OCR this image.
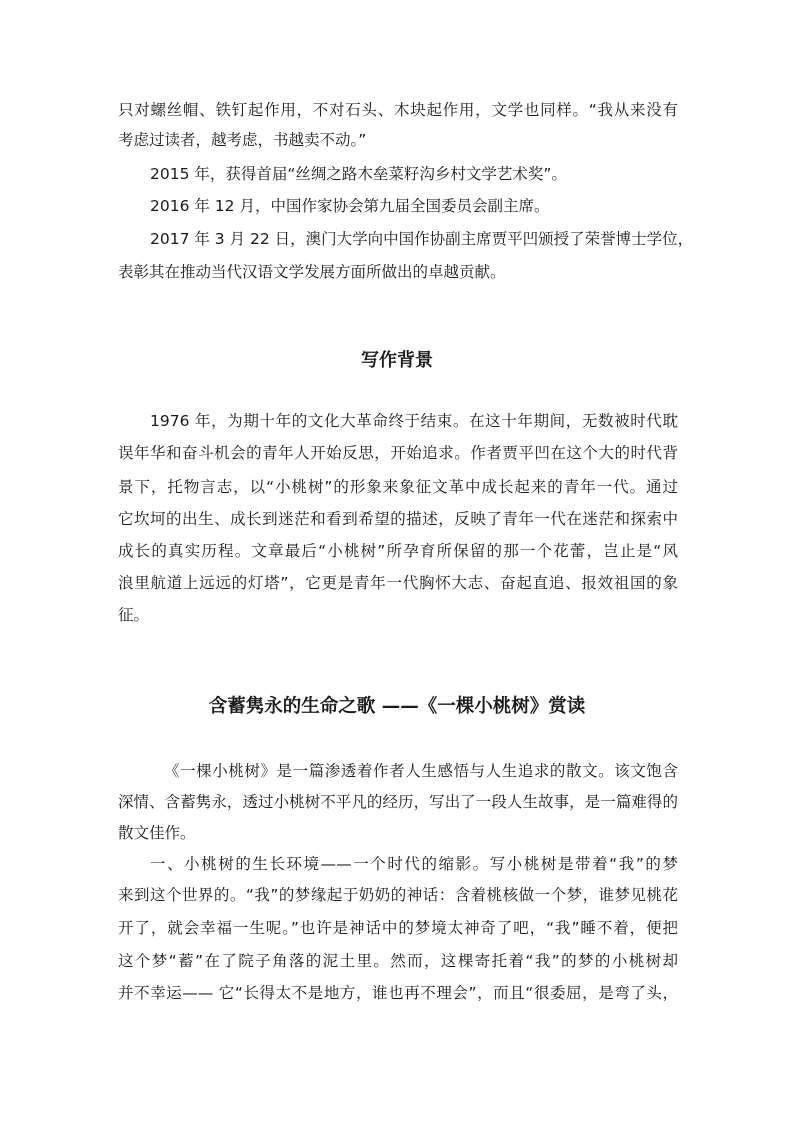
只对螺丝帽、铁钉起作用，不对石头、木块起作用，文学也同样。“我从来没有
考虑过读者，越考虑，书越卖不动。”
2015 年，获得首届“丝绸之路木垒菜籽沟乡村文学艺术奖”。
2016 年 12 月，中国作家协会第九届全国委员会副主席。
2017 年 3 月 22 日，澳门大学向中国作协副主席贾平凹颁授了荣誉博士学位，
表彰其在推动当代汉语文学发展方面所做出的卓越贡献。
写作背景
1976 年，为期十年的文化大革命终于结束。在这十年期间，无数被时代耽
误年华和奋斗机会的青年人开始反思，开始追求。作者贾平凹在这个大的时代背
景下，托物言志，以“小桃树”的形象来象征文革中成长起来的青年一代。通过
它坎坷的出生、成长到迷茫和看到希望的描述，反映了青年一代在迷茫和探索中
成长的真实历程。文章最后“小桃树”所孕育所保留的那一个花蕾，岂止是“风
浪里航道上远远的灯塔”，它更是青年一代胸怀大志、奋起直追、报效祖国的象
征。
含蓄隽永的生命之歌 ——《一棵小桃树》赏读
《一棵小桃树》是一篇渗透着作者人生感悟与人生追求的散文。该文饱含
深情、含蓄隽永，透过小桃树不平凡的经历，写出了一段人生故事，是一篇难得的
散文佳作。
一、小桃树的生长环境——一个时代的缩影。写小桃树是带着“我”的梦
来到这个世界的。“我”的梦缘起于奶奶的神话：含着桃核做一个梦，谁梦见桃花
开了，就会幸福一生呢。”也许是神话中的梦境太神奇了吧，“我”睡不着，便把
这个梦“蓄”在了院子角落的泥土里。然而，这棵寄托着“我”的梦的小桃树却
并不幸运—— 它“长得太不是地方，谁也再不理会”，而且“很委屈，是弯了头，
